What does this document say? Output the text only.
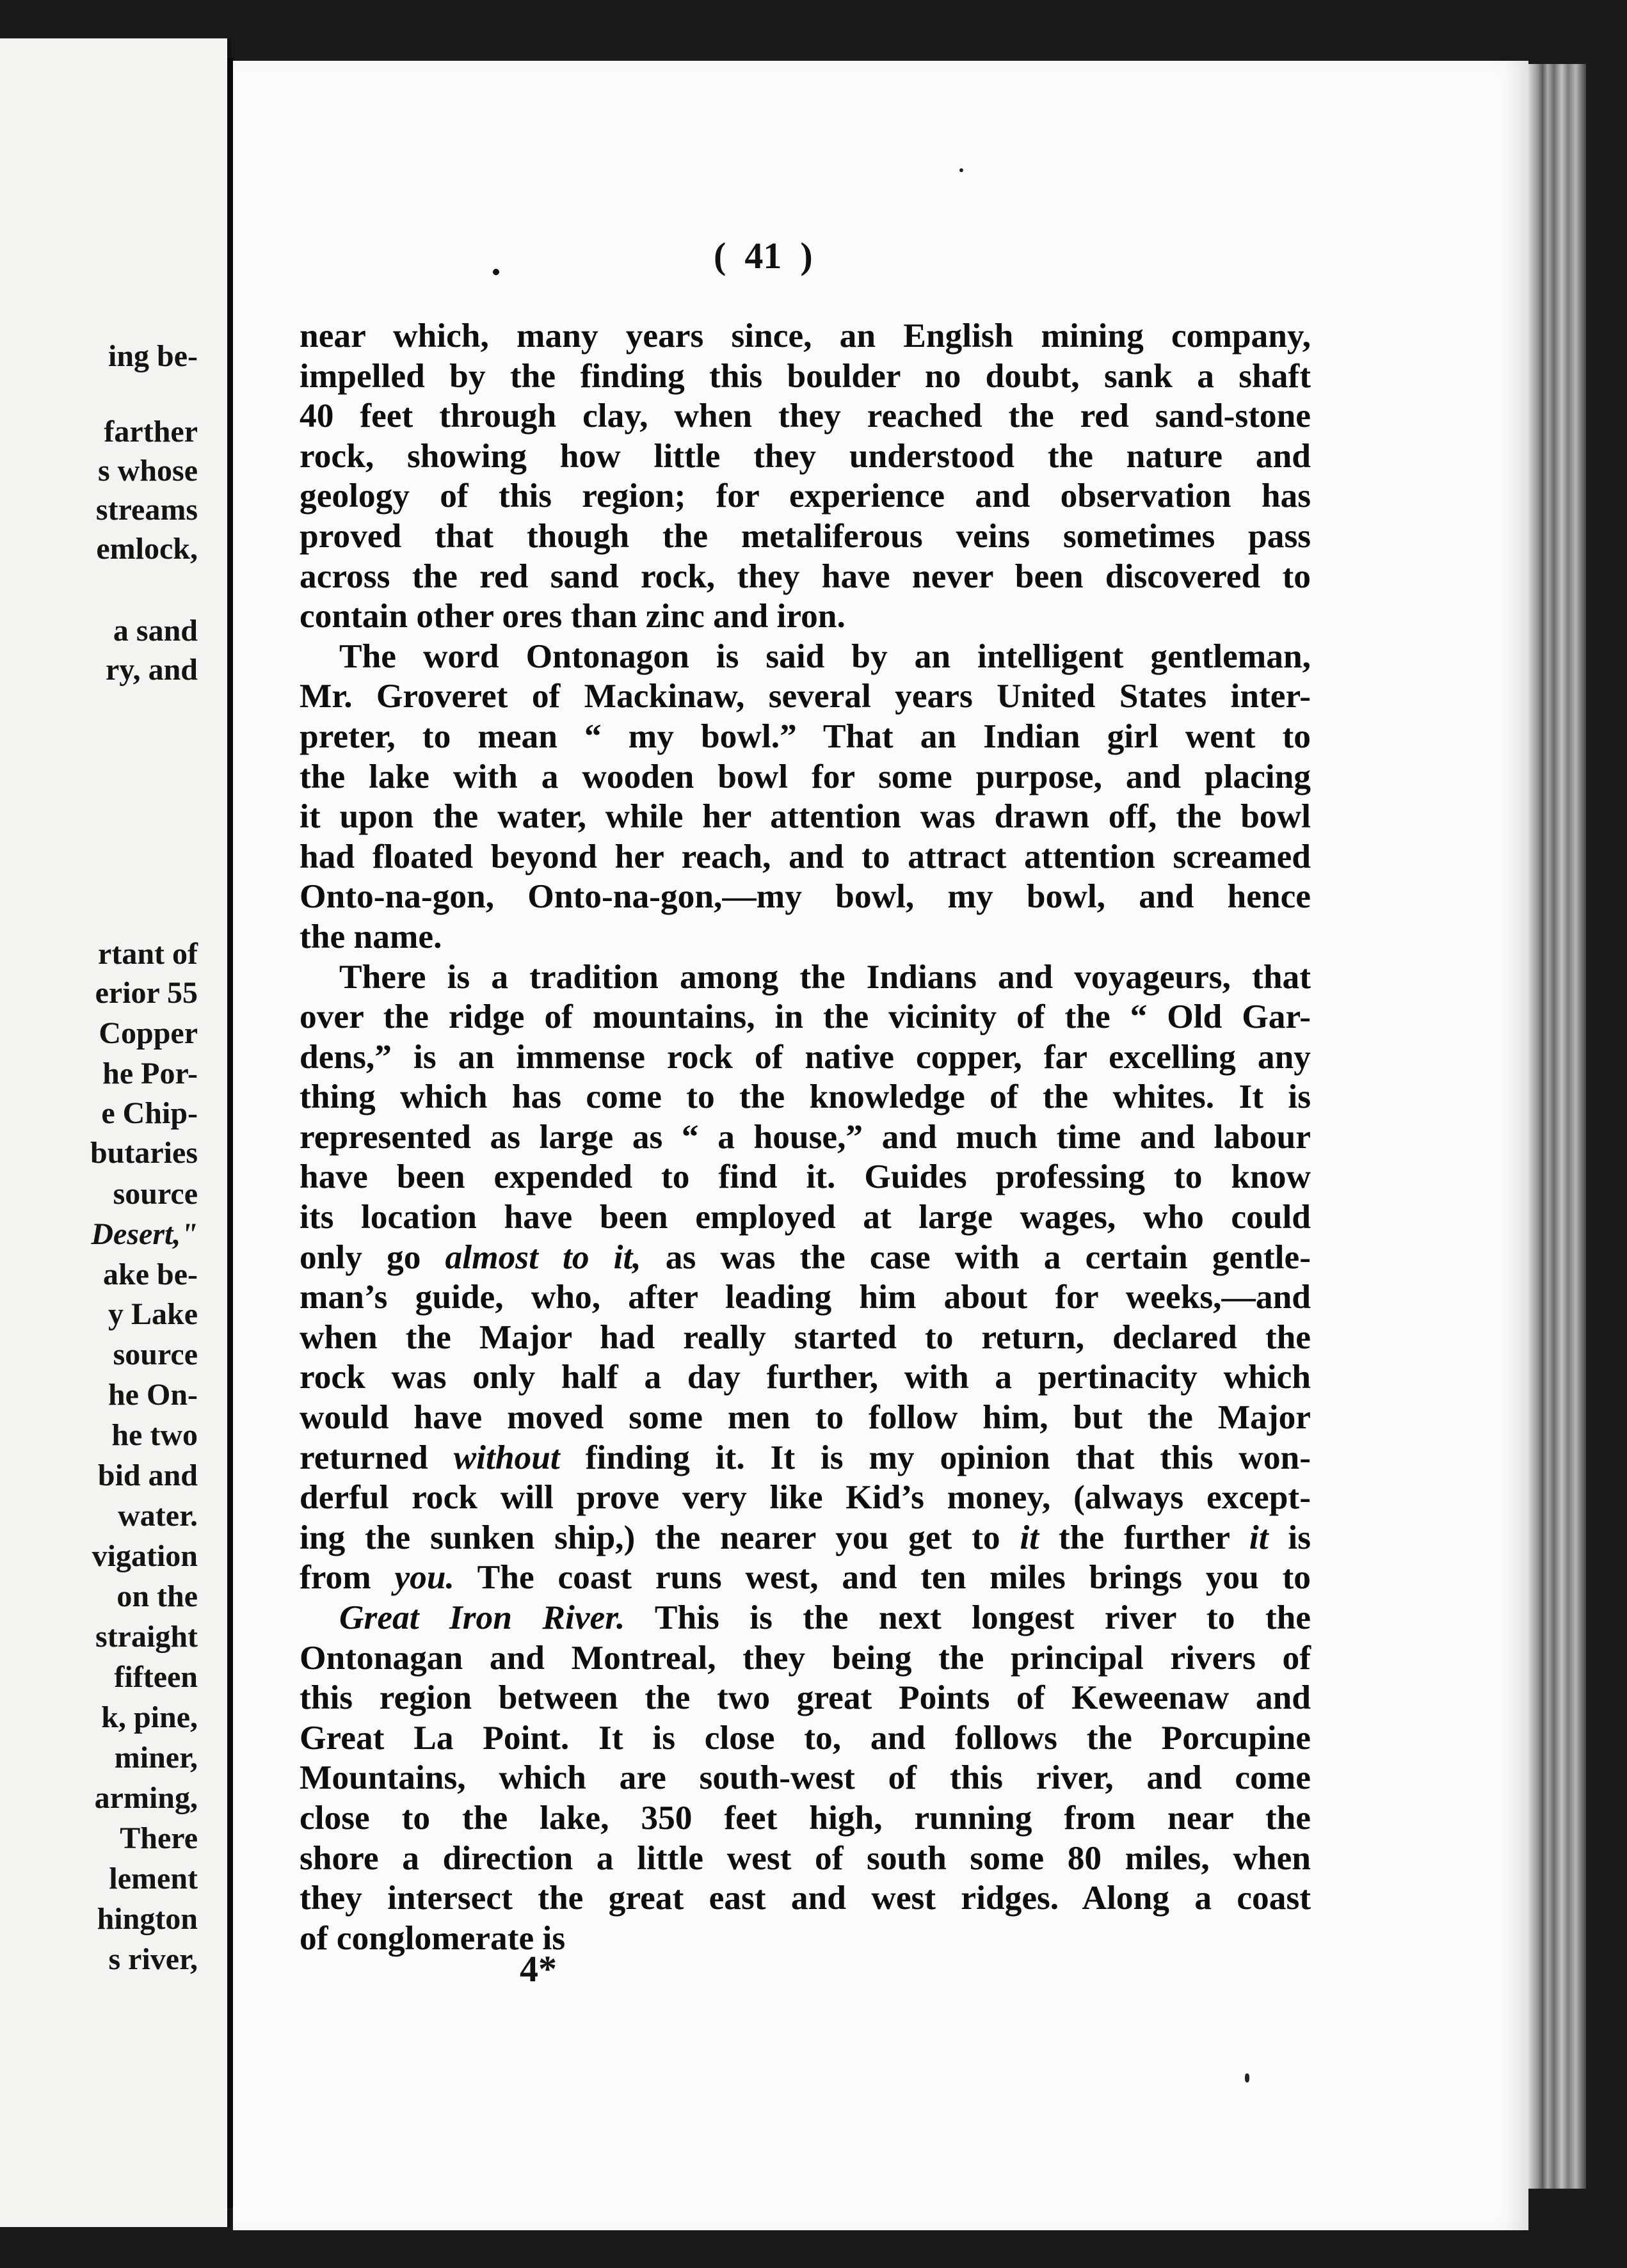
ing be-
farther
s whose
streams
emlock,
a sand
ry, and
rtant of
erior 55
Copper
he Por-
e Chip-
butaries
source
Desert,"
ake be-
y Lake
source
he On-
he two
bid and
water.
vigation
on the
straight
fifteen
k, pine,
miner,
arming,
There
lement
hington
s river,
(  41  )
near which, many years since, an English mining company,
impelled by the finding this boulder no doubt, sank a shaft
40 feet through clay, when they reached the red sand-stone
rock, showing how little they understood the nature and
geology of this region; for experience and observation has
proved that though the metaliferous veins sometimes pass
across the red sand rock, they have never been discovered to
contain other ores than zinc and iron.
The word Ontonagon is said by an intelligent gentleman,
Mr. Groveret of Mackinaw, several years United States inter-
preter, to mean “ my bowl.” That an Indian girl went to
the lake with a wooden bowl for some purpose, and placing
it upon the water, while her attention was drawn off, the bowl
had floated beyond her reach, and to attract attention screamed
Onto-na-gon, Onto-na-gon,—my bowl, my bowl, and hence
the name.
There is a tradition among the Indians and voyageurs, that
over the ridge of mountains, in the vicinity of the “ Old Gar-
dens,” is an immense rock of native copper, far excelling any
thing which has come to the knowledge of the whites. It is
represented as large as “ a house,” and much time and labour
have been expended to find it. Guides professing to know
its location have been employed at large wages, who could
only go almost to it, as was the case with a certain gentle-
man’s guide, who, after leading him about for weeks,—and
when the Major had really started to return, declared the
rock was only half a day further, with a pertinacity which
would have moved some men to follow him, but the Major
returned without finding it. It is my opinion that this won-
derful rock will prove very like Kid’s money, (always except-
ing the sunken ship,) the nearer you get to it the further it is
from you. The coast runs west, and ten miles brings you to
Great Iron River. This is the next longest river to the
Ontonagan and Montreal, they being the principal rivers of
this region between the two great Points of Keweenaw and
Great La Point. It is close to, and follows the Porcupine
Mountains, which are south-west of this river, and come
close to the lake, 350 feet high, running from near the
shore a direction a little west of south some 80 miles, when
they intersect the great east and west ridges. Along a coast
of conglomerate is
4*
